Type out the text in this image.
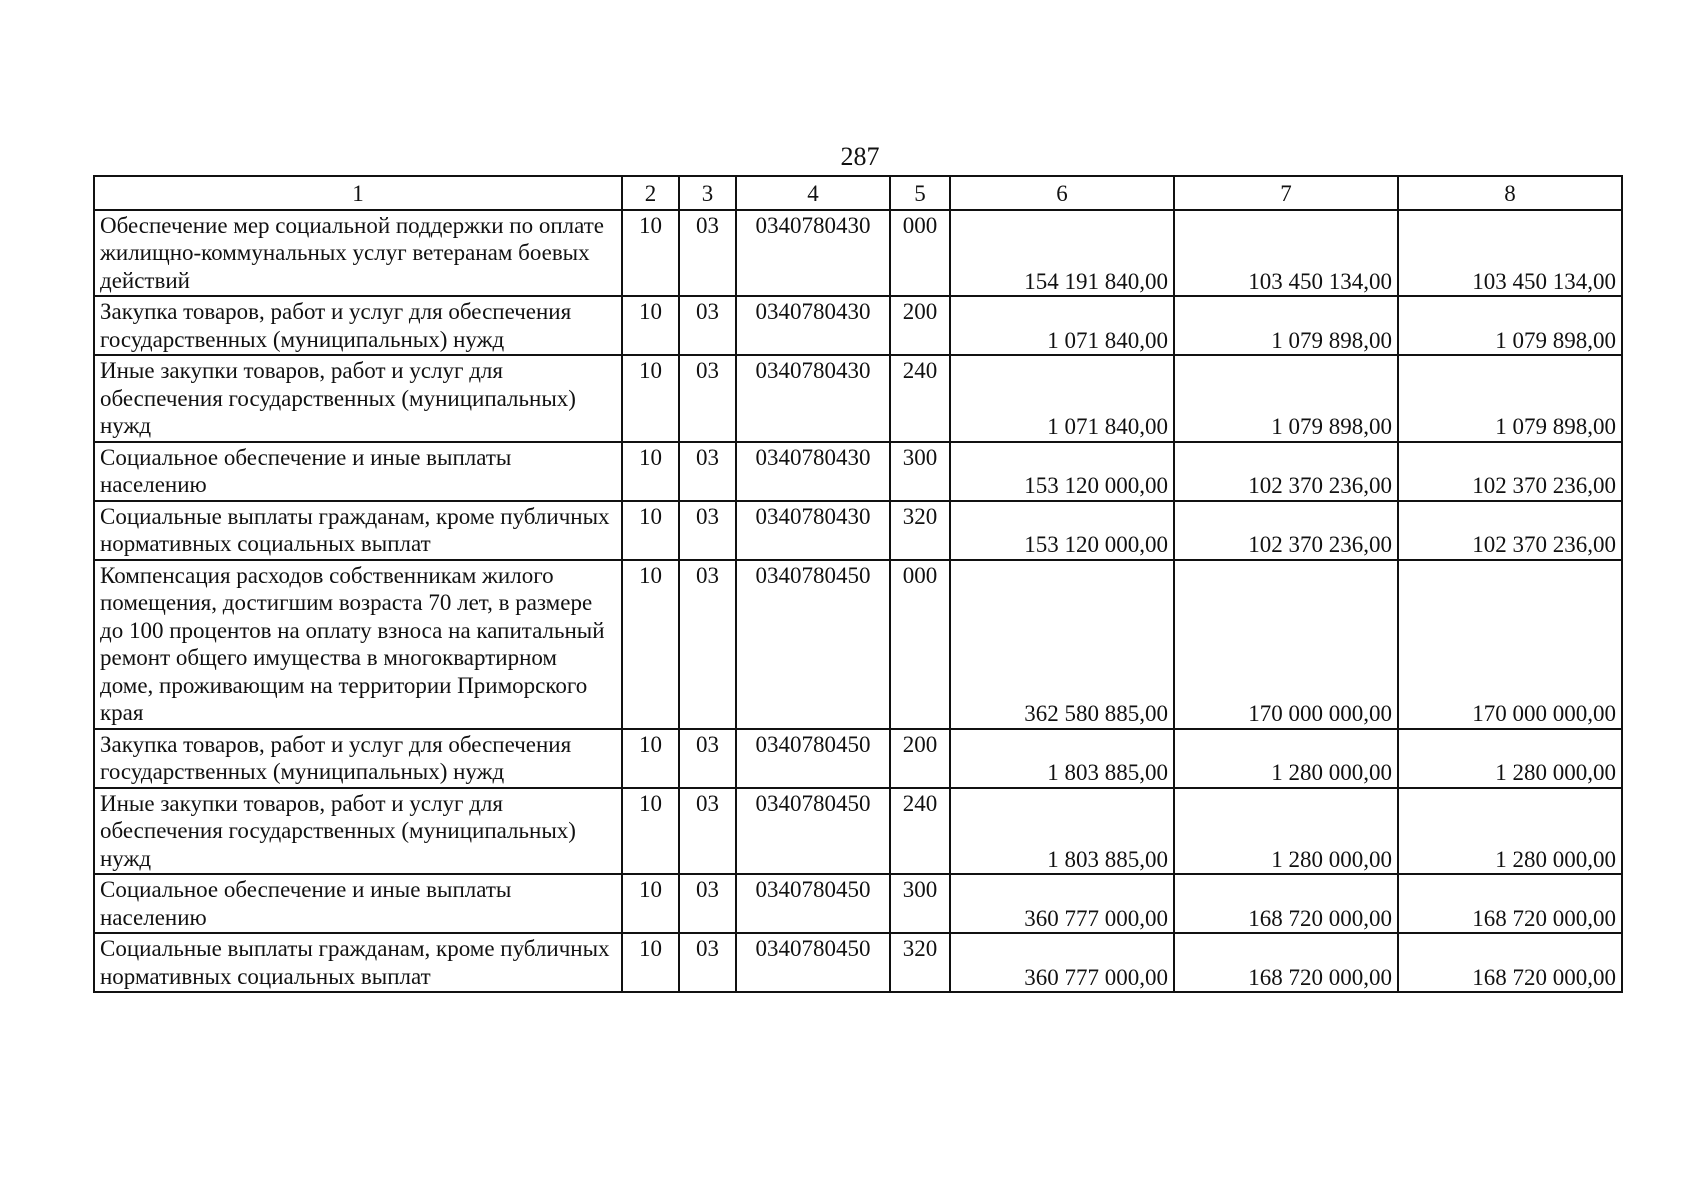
287
1	2	3	4	5	6	7	8
Обеспечение мер социальной поддержки по оплате жилищно-коммунальных услуг ветеранам боевых действий	10	03	0340780430	000	154 191 840,00	103 450 134,00	103 450 134,00
Закупка товаров, работ и услуг для обеспечения государственных (муниципальных) нужд	10	03	0340780430	200	1 071 840,00	1 079 898,00	1 079 898,00
Иные закупки товаров, работ и услуг для обеспечения государственных (муниципальных) нужд	10	03	0340780430	240	1 071 840,00	1 079 898,00	1 079 898,00
Социальное обеспечение и иные выплаты населению	10	03	0340780430	300	153 120 000,00	102 370 236,00	102 370 236,00
Социальные выплаты гражданам, кроме публичных нормативных социальных выплат	10	03	0340780430	320	153 120 000,00	102 370 236,00	102 370 236,00
Компенсация расходов собственникам жилого помещения, достигшим возраста 70 лет, в размере до 100 процентов на оплату взноса на капитальный ремонт общего имущества в многоквартирном доме, проживающим на территории Приморского края	10	03	0340780450	000	362 580 885,00	170 000 000,00	170 000 000,00
Закупка товаров, работ и услуг для обеспечения государственных (муниципальных) нужд	10	03	0340780450	200	1 803 885,00	1 280 000,00	1 280 000,00
Иные закупки товаров, работ и услуг для обеспечения государственных (муниципальных) нужд	10	03	0340780450	240	1 803 885,00	1 280 000,00	1 280 000,00
Социальное обеспечение и иные выплаты населению	10	03	0340780450	300	360 777 000,00	168 720 000,00	168 720 000,00
Социальные выплаты гражданам, кроме публичных нормативных социальных выплат	10	03	0340780450	320	360 777 000,00	168 720 000,00	168 720 000,00
